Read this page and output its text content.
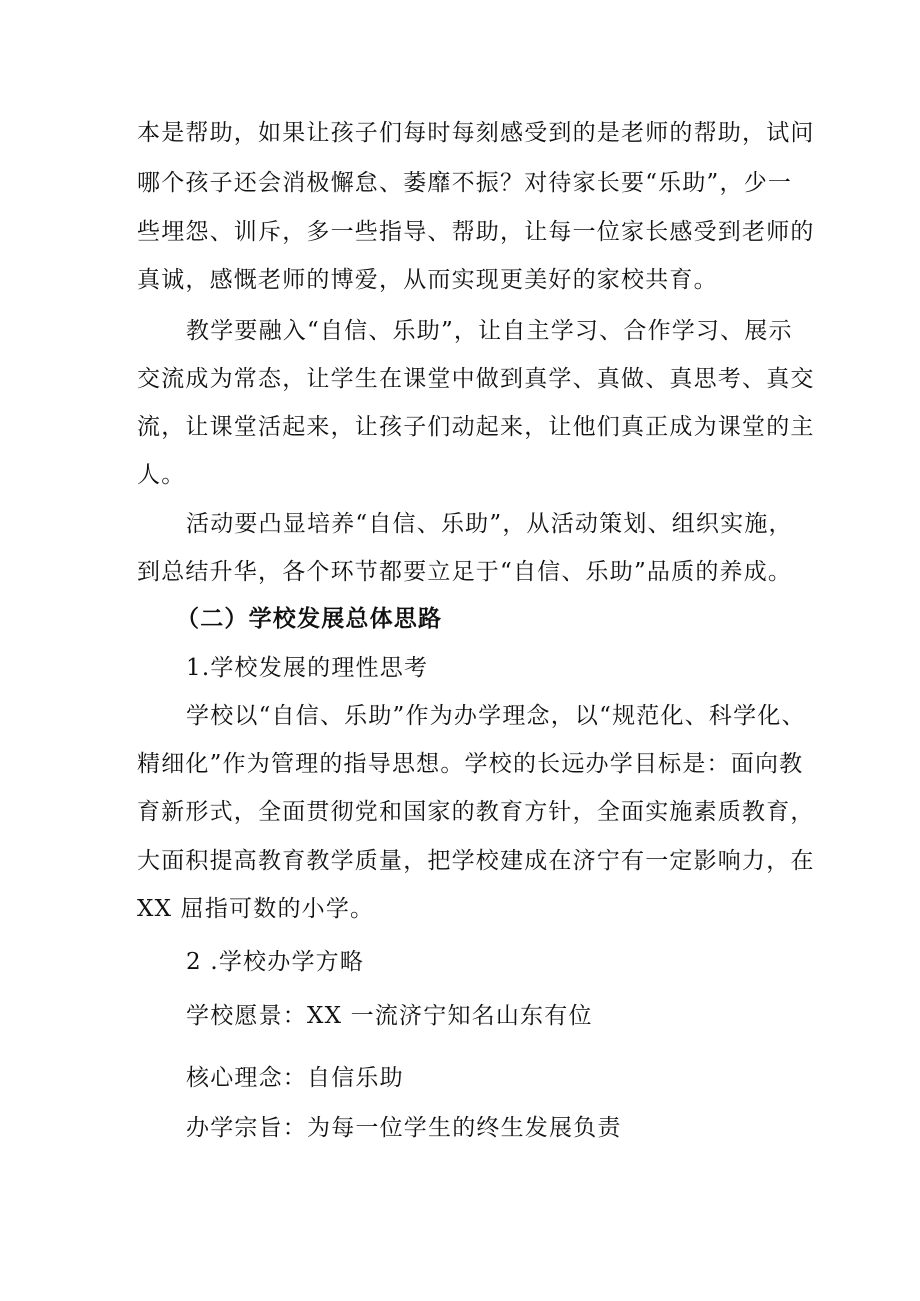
本是帮助，如果让孩子们每时每刻感受到的是老师的帮助，试问
哪个孩子还会消极懈怠、萎靡不振？对待家长要“乐助”，少一
些埋怨、训斥，多一些指导、帮助，让每一位家长感受到老师的
真诚，感慨老师的博爱，从而实现更美好的家校共育。
教学要融入“自信、乐助”，让自主学习、合作学习、展示
交流成为常态，让学生在课堂中做到真学、真做、真思考、真交
流，让课堂活起来，让孩子们动起来，让他们真正成为课堂的主
人。
活动要凸显培养“自信、乐助”，从活动策划、组织实施，
到总结升华，各个环节都要立足于“自信、乐助”品质的养成。
（二）学校发展总体思路
1.学校发展的理性思考
学校以“自信、乐助”作为办学理念，以“规范化、科学化、
精细化”作为管理的指导思想。学校的长远办学目标是：面向教
育新形式，全面贯彻党和国家的教育方针，全面实施素质教育，
大面积提高教育教学质量，把学校建成在济宁有一定影响力，在
XX 屈指可数的小学。
2 .学校办学方略
学校愿景：XX 一流济宁知名山东有位
核心理念：自信乐助
办学宗旨：为每一位学生的终生发展负责
